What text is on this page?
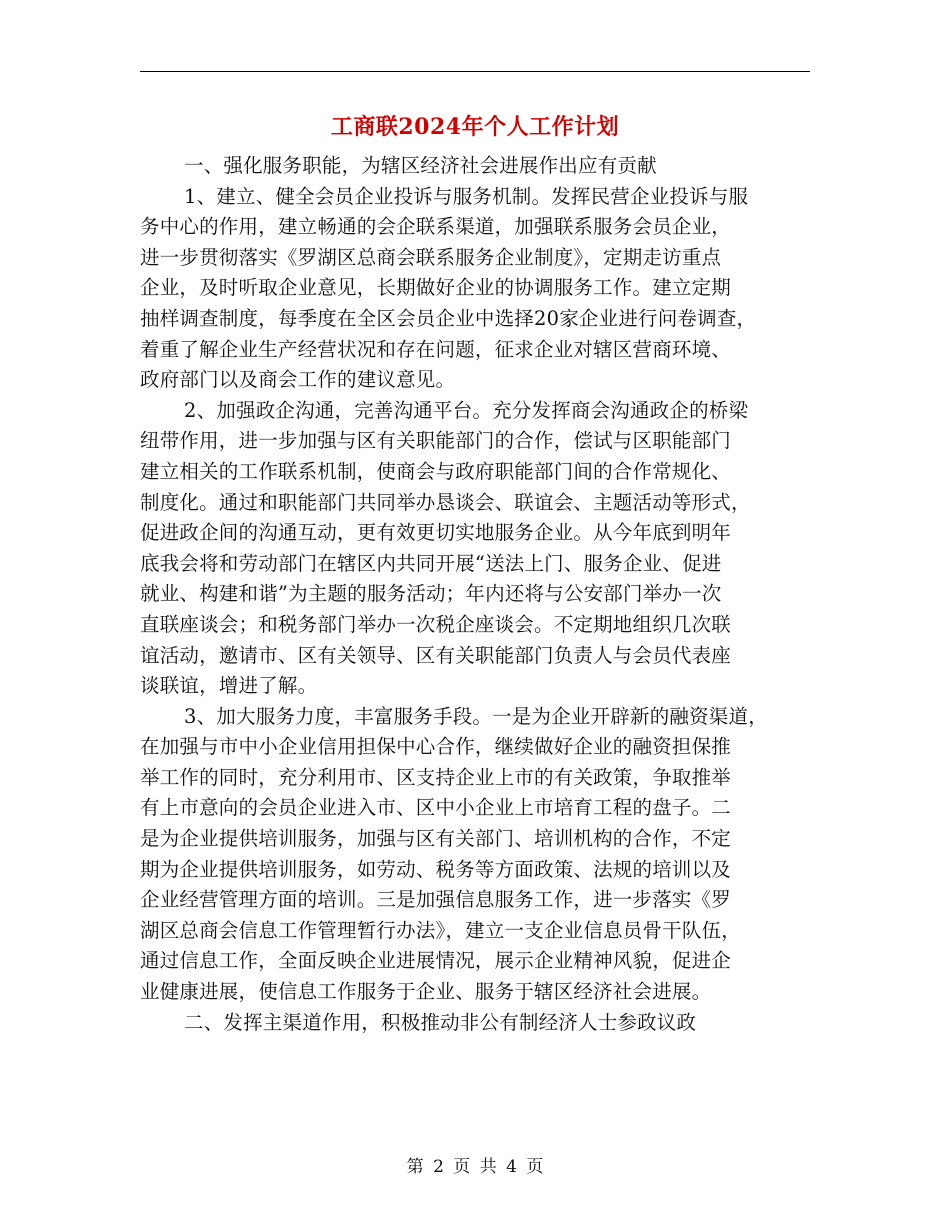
工商联2024年个人工作计划
一、强化服务职能，为辖区经济社会进展作出应有贡献
1、建立、健全会员企业投诉与服务机制。发挥民营企业投诉与服
务中心的作用，建立畅通的会企联系渠道，加强联系服务会员企业，
进一步贯彻落实《罗湖区总商会联系服务企业制度》，定期走访重点
企业，及时听取企业意见，长期做好企业的协调服务工作。建立定期
抽样调查制度，每季度在全区会员企业中选择20家企业进行问卷调查，
着重了解企业生产经营状况和存在问题，征求企业对辖区营商环境、
政府部门以及商会工作的建议意见。
2、加强政企沟通，完善沟通平台。充分发挥商会沟通政企的桥梁
纽带作用，进一步加强与区有关职能部门的合作，偿试与区职能部门
建立相关的工作联系机制，使商会与政府职能部门间的合作常规化、
制度化。通过和职能部门共同举办恳谈会、联谊会、主题活动等形式，
促进政企间的沟通互动，更有效更切实地服务企业。从今年底到明年
底我会将和劳动部门在辖区内共同开展“送法上门、服务企业、促进
就业、构建和谐”为主题的服务活动；年内还将与公安部门举办一次
直联座谈会；和税务部门举办一次税企座谈会。不定期地组织几次联
谊活动，邀请市、区有关领导、区有关职能部门负责人与会员代表座
谈联谊，增进了解。
3、加大服务力度，丰富服务手段。一是为企业开辟新的融资渠道，
在加强与市中小企业信用担保中心合作，继续做好企业的融资担保推
举工作的同时，充分利用市、区支持企业上市的有关政策，争取推举
有上市意向的会员企业进入市、区中小企业上市培育工程的盘子。二
是为企业提供培训服务，加强与区有关部门、培训机构的合作，不定
期为企业提供培训服务，如劳动、税务等方面政策、法规的培训以及
企业经营管理方面的培训。三是加强信息服务工作，进一步落实《罗
湖区总商会信息工作管理暂行办法》，建立一支企业信息员骨干队伍，
通过信息工作，全面反映企业进展情况，展示企业精神风貌，促进企
业健康进展，使信息工作服务于企业、服务于辖区经济社会进展。
二、发挥主渠道作用，积极推动非公有制经济人士参政议政
第 2 页 共 4 页
